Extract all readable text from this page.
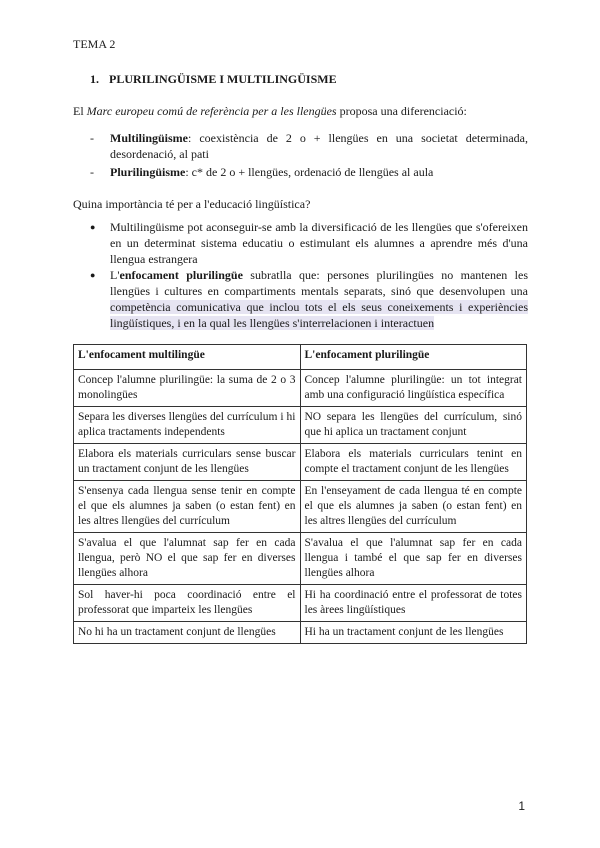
TEMA 2
1. PLURILINGÜISME I MULTILINGÜISME
El Marc europeu comú de referència per a les llengües proposa una diferenciació:
- Multilingüisme: coexistència de 2 o + llengües en una societat determinada, desordenació, al pati
- Plurilingüisme: c* de 2 o + llengües, ordenació de llengües al aula
Quina importància té per a l'educació lingüística?
● Multilingüisme pot aconseguir-se amb la diversificació de les llengües que s'ofereixen en un determinat sistema educatiu o estimulant els alumnes a aprendre més d'una llengua estrangera
● L'enfocament plurilingüe subratlla que: persones plurilingües no mantenen les llengües i cultures en compartiments mentals separats, sinó que desenvolupen una competència comunicativa que inclou tots el els seus coneixements i experiències lingüístiques, i en la qual les llengües s'interrelacionen i interactuen
L'enfocament multilingüe	L'enfocament plurilingüe
Concep l'alumne plurilingüe: la suma de 2 o 3 monolingües	Concep l'alumne plurilingüe: un tot integrat amb una configuració lingüística específica
Separa les diverses llengües del currículum i hi aplica tractaments independents	NO separa les llengües del currículum, sinó que hi aplica un tractament conjunt
Elabora els materials curriculars sense buscar un tractament conjunt de les llengües	Elabora els materials curriculars tenint en compte el tractament conjunt de les llengües
S'ensenya cada llengua sense tenir en compte el que els alumnes ja saben (o estan fent) en les altres llengües del currículum	En l'enseyament de cada llengua té en compte el que els alumnes ja saben (o estan fent) en les altres llengües del currículum
S'avalua el que l'alumnat sap fer en cada llengua, però NO el que sap fer en diverses llengües alhora	S'avalua el que l'alumnat sap fer en cada llengua i també el que sap fer en diverses llengües alhora
Sol haver-hi poca coordinació entre el professorat que imparteix les llengües	Hi ha coordinació entre el professorat de totes les àrees lingüístiques
No hi ha un tractament conjunt de llengües	Hi ha un tractament conjunt de les llengües
1
